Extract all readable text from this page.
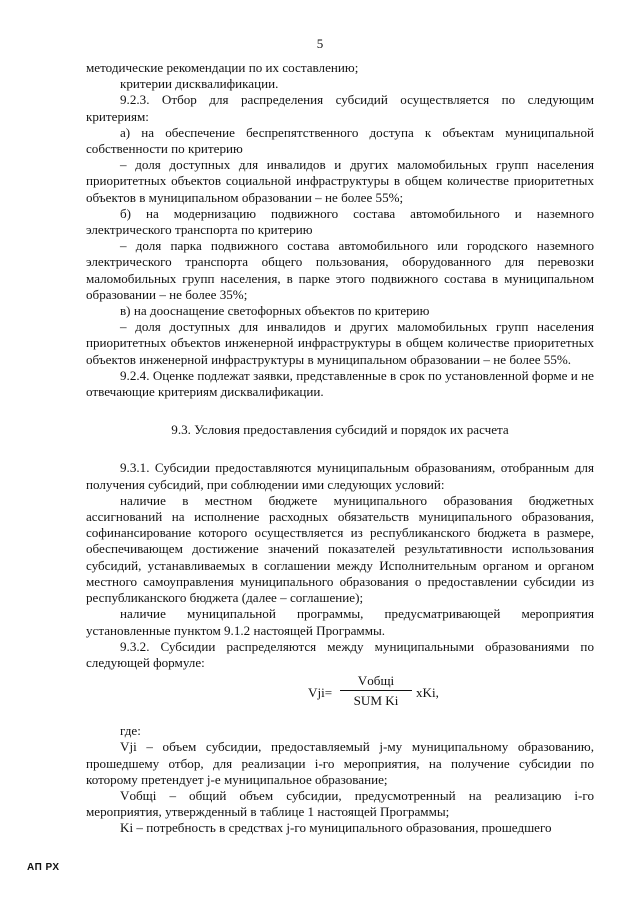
5

методические рекомендации по их составлению;

критерии дисквалификации.

9.2.3. Отбор для распределения субсидий осуществляется по следующим критериям:

а) на обеспечение беспрепятственного доступа к объектам муниципальной собственности по критерию

– доля доступных для инвалидов и других маломобильных групп населения приоритетных объектов социальной инфраструктуры в общем количестве приоритетных объектов в муниципальном образовании – не более 55%;

б) на модернизацию подвижного состава автомобильного и наземного электрического транспорта по критерию

– доля парка подвижного состава автомобильного или городского наземного электрического транспорта общего пользования, оборудованного для перевозки маломобильных групп населения, в парке этого подвижного состава в муниципальном образовании – не более 35%;

в) на дооснащение светофорных объектов по критерию

– доля доступных для инвалидов и других маломобильных групп населения приоритетных объектов инженерной инфраструктуры в общем количестве приоритетных объектов инженерной инфраструктуры в муниципальном образовании – не более 55%.

9.2.4. Оценке подлежат заявки, представленные в срок по установленной форме и не отвечающие критериям дисквалификации.

9.3. Условия предоставления субсидий и порядок их расчета

9.3.1. Субсидии предоставляются муниципальным образованиям, отобранным для получения субсидий, при соблюдении ими следующих условий:

наличие в местном бюджете муниципального образования бюджетных ассигнований на исполнение расходных обязательств муниципального образования, софинансирование которого осуществляется из республиканского бюджета в размере, обеспечивающем достижение значений показателей результативности использования субсидий, устанавливаемых в соглашении между Исполнительным органом и органом местного самоуправления муниципального образования о предоставлении субсидии из республиканского бюджета (далее – соглашение);

наличие муниципальной программы, предусматривающей мероприятия установленные пунктом 9.1.2 настоящей Программы.

9.3.2. Субсидии распределяются между муниципальными образованиями по следующей формуле:

Vji=
Vобщi
SUM Ki
xKi,

где:

Vji – объем субсидии, предоставляемый j-му муниципальному образованию, прошедшему отбор, для реализации i-го мероприятия, на получение субсидии по которому претендует j-е муниципальное образование;

Vобщi – общий объем субсидии, предусмотренный на реализацию i-го мероприятия, утвержденный в таблице 1 настоящей Программы;

Ki – потребность в средствах j-го муниципального образования, прошедшего

АП РХ
